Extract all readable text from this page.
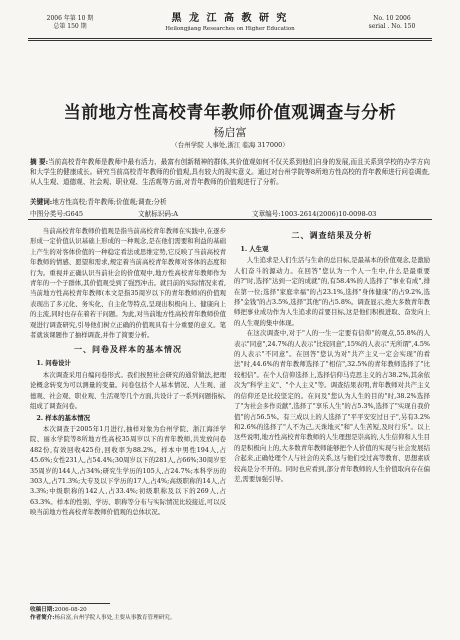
2006 年第 10 期
总第 150 期
黑 龙 江 高 教 研 究
Heilongjiang Researches on Higher Education
No. 10 2006
serial . No. 150
当前地方性高校青年教师价值观调查与分析
杨启富
（台州学院 人事处,浙江 临海 317000）
摘 要:当前高校青年教师是教师中最有活力、最富有创新精神的群体,其价值观如何不仅关系到他们自身的发展,而且关系到学校的办学方向和大学生的健康成长。研究当前高校青年教师的价值观,具有较大的现实意义。通过对台州学院等8所地方性高校的青年教师进行问卷调查,从人生观、道德观、社会观、职业观、生活观等方面,对青年教师的价值观进行了分析。
关键词:地方性高校;青年教师;价值观;调查;分析
中图分类号:G645	文献标识码:A	文章编号:1003-2614(2006)10-0098-03

当前高校青年教师价值观是指当前高校青年教师在实践中,在逐步形成一定价值认识基础上形成的一种观念,是在他们需要和利益的基础上产生的对客体价值的一种稳定看法或思维定势,它反映了当前高校青年教师的情感、愿望和需求,规定着当前高校青年教师对客体的态度和行为。重视并正确认识当前社会的价值观中,地方性高校青年教师作为青年的一个子群体,其价值观受到了强烈冲击。就目前的实际情况来看,当前地方性高校青年教师(本文是指35周岁以下的青年教师)的价值观表现出了多元化、务实化、自主化等特点,呈现出积极向上、健康向上的主流,同时也存在着若干问题。为此,对当前地方性高校青年教师价值观进行调查研究,引导他们树立正确的价值观具有十分重要的意义。笔者就该课题作了抽样调查,并作了简要分析。

一、问卷及样本的基本情况
1. 问卷设计

本次调查采用自编问卷形式。我们按照社会研究的通常做法,把理论概念转变为可以测量的变量。问卷包括个人基本情况、人生观、道德观、社会观、职业观、生活观等几个方面,共设计了一系列问题指标,组成了调查问卷。

2. 样本的基本情况

本次调查于2005年1月进行,抽样对象为台州学院、浙江海洋学院、丽水学院等8所地方性高校35周岁以下的青年教师,共发放问卷482份,有效回收425份,回收率为88.2%。样本中男性194人,占45.6%;女性231人,占54.4%;30周岁以下的281人,占66%;30周岁至35周岁的144人,占34%;研究生学历的105人,占24.7%;本科学历的303人,占71.3%;大专及以下学历的17人,占4%;高级职称的14人,占3.3%;中级职称的142人,占33.4%;初级职称及以下的269人,占63.3%。样本的性别、学历、职称等分布与实际情况比较接近,可以反映当前地方性高校青年教师价值观的总体状况。

二、调查结果及分析
1. 人生观

人生追求是人们生活与生命的总目标,是最基本的价值观念,是激励人们奋斗的源动力。在回答"您认为一个人一生中,什么是最重要的?"时,选择"达到一定的成就"的,有58.4%的人选择了"事业有成",排在第一位;选择"家庭幸福"的占23.1%,选择"身体健康"的占9.2%,选择"金钱"的占3.5%,选择"其他"的占5.8%。调查显示,绝大多数青年教师把事业成功作为人生追求的首要目标,这是他们积极进取、奋发向上的人生观的集中体现。

在这次调查中,对于"人的一生一定要有信仰"的观点,55.8%的人表示"同意",24.7%的人表示"比较同意",15%的人表示"无所谓",4.5%的人表示"不同意"。在回答"您认为对"共产主义一定会实现"的看法"时,44.6%的青年教师选择了"相信",32.5%的青年教师选择了"比较相信"。在个人信仰选择上,选择信仰马克思主义的占38.2%,其余依次为"科学主义"、"个人主义"等。调查结果表明,青年教师对共产主义的信仰还是比较坚定的。在问及"您认为人生的目的"时,38.2%选择了"为社会多作贡献",选择了"享乐人生"的占5.3%,选择了"实现自我价值"的占56.5%。有三成以上的人选择了"平平安安过日子",另有3.2%和2.6%的选择了"人不为己,天诛地灭"和"人生苦短,及时行乐"。以上这些说明,地方性高校青年教师的人生理想是崇高的,人生信仰和人生目的是积极向上的,大多数青年教师能够把个人价值的实现与社会发展结合起来,正确处理个人与社会的关系,这与他们受过高等教育、思想素质较高是分不开的。同时也应看到,部分青年教师的人生价值取向存在偏差,需要加强引导。

收稿日期:2006-08-20
作者简介:杨启富,台州学院人事处,主要从事教育管理研究。
